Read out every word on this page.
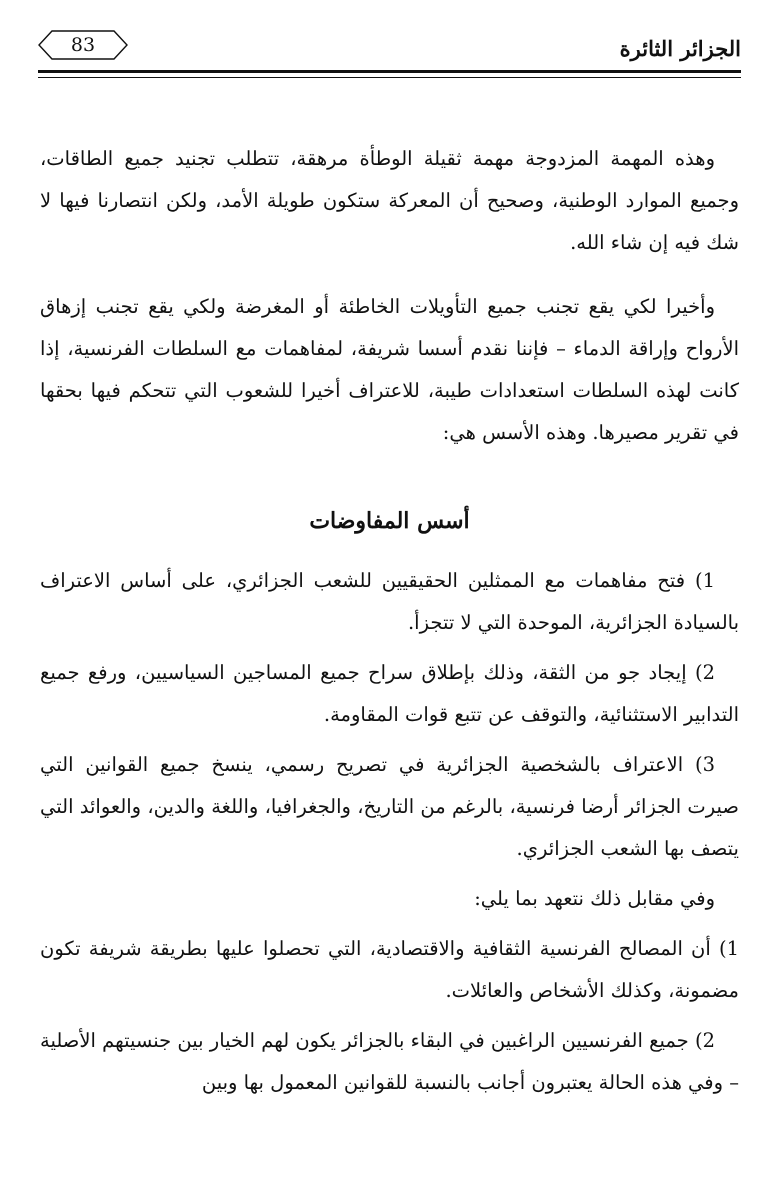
الجزائر الثائرة
83

وهذه المهمة المزدوجة مهمة ثقيلة الوطأة مرهقة، تتطلب تجنيد جميع الطاقات، وجميع الموارد الوطنية، وصحيح أن المعركة ستكون طويلة الأمد، ولكن انتصارنا فيها لا شك فيه إن شاء الله.

وأخيرا لكي يقع تجنب جميع التأويلات الخاطئة أو المغرضة ولكي يقع تجنب إزهاق الأرواح وإراقة الدماء – فإننا نقدم أسسا شريفة، لمفاهمات مع السلطات الفرنسية، إذا كانت لهذه السلطات استعدادات طيبة، للاعتراف أخيرا للشعوب التي تتحكم فيها بحقها في تقرير مصيرها. وهذه الأسس هي:

أسس المفاوضات

1) فتح مفاهمات مع الممثلين الحقيقيين للشعب الجزائري، على أساس الاعتراف بالسيادة الجزائرية، الموحدة التي لا تتجزأ.

2) إيجاد جو من الثقة، وذلك بإطلاق سراح جميع المساجين السياسيين، ورفع جميع التدابير الاستثنائية، والتوقف عن تتبع قوات المقاومة.

3) الاعتراف بالشخصية الجزائرية في تصريح رسمي، ينسخ جميع القوانين التي صيرت الجزائر أرضا فرنسية، بالرغم من التاريخ، والجغرافيا، واللغة والدين، والعوائد التي يتصف بها الشعب الجزائري.

وفي مقابل ذلك نتعهد بما يلي:

1) أن المصالح الفرنسية الثقافية والاقتصادية، التي تحصلوا عليها بطريقة شريفة تكون مضمونة، وكذلك الأشخاص والعائلات.

2) جميع الفرنسيين الراغبين في البقاء بالجزائر يكون لهم الخيار بين جنسيتهم الأصلية – وفي هذه الحالة يعتبرون أجانب بالنسبة للقوانين المعمول بها وبين
